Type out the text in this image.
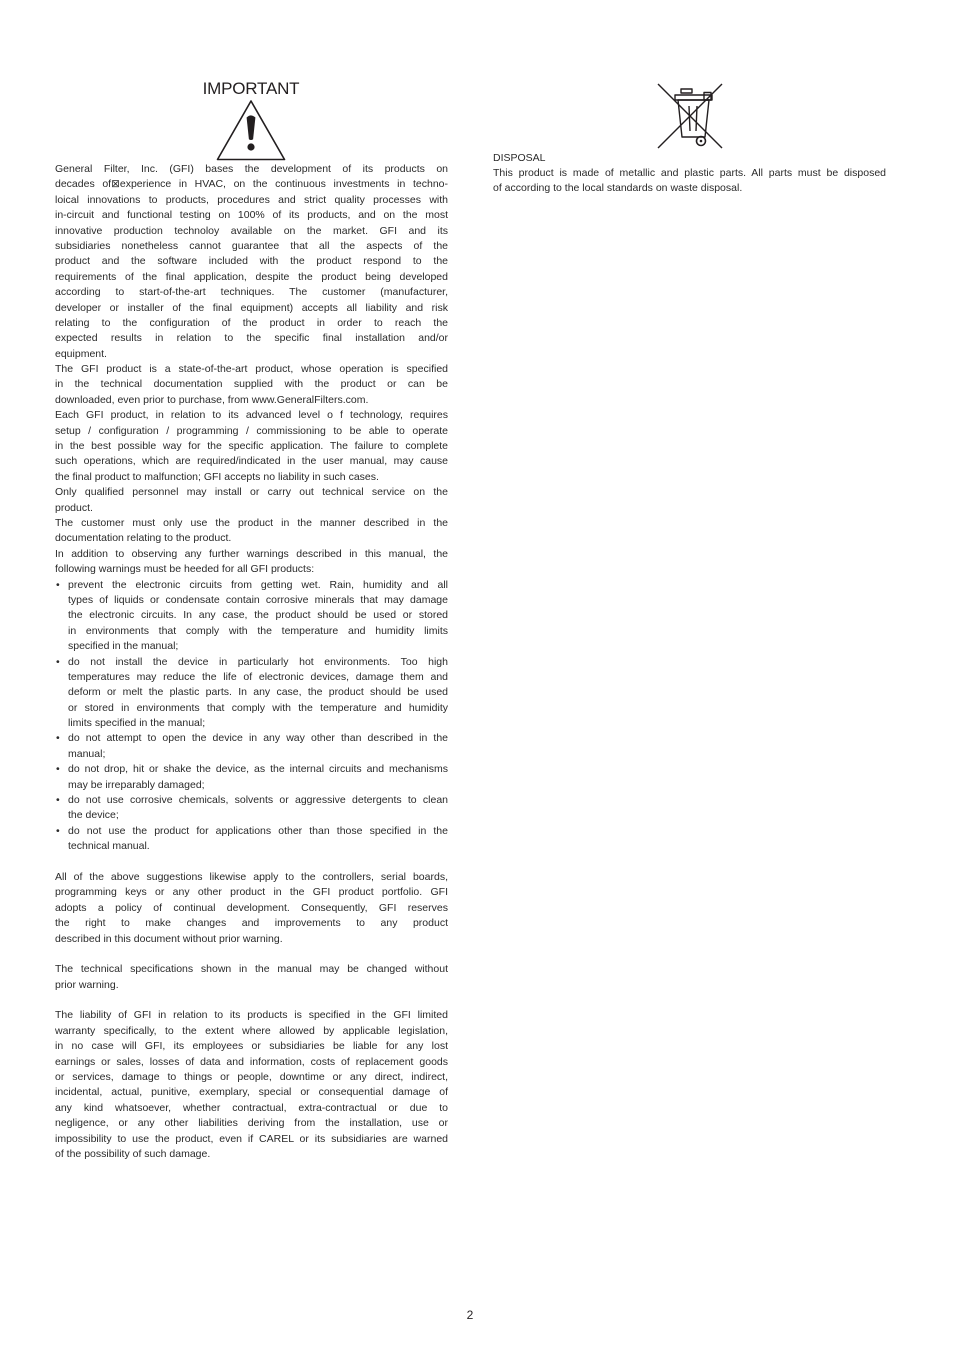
IMPORTANT
General Filter, Inc. (GFI) bases the development of its products on
decades of⊠experience in HVAC, on the continuous investments in techno-
loical innovations to products, procedures and strict quality processes with
in-circuit and functional testing on 100% of its products, and on the most
innovative production technoloy available on the market. GFI and its
subsidiaries nonetheless cannot guarantee that all the aspects of the
product and the software included with the product respond to the
requirements of the final application, despite the product being developed
according to start-of-the-art techniques. The customer (manufacturer,
developer or installer of the final equipment) accepts all liability and risk
relating to the configuration of the product in order to reach the
expected results in relation to the specific final installation and/or
equipment.
The GFI product is a state-of-the-art product, whose operation is specified
in the technical documentation supplied with the product or can be
downloaded, even prior to purchase, from www.GeneralFilters.com.
Each GFI product, in relation to its advanced level o f technology, requires
setup / configuration / programming / commissioning to be able to operate
in the best possible way for the specific application. The failure to complete
such operations, which are required/indicated in the user manual, may cause
the final product to malfunction; GFI accepts no liability in such cases.
Only qualified personnel may install or carry out technical service on the
product.
The customer must only use the product in the manner described in the
documentation relating to the product.
In addition to observing any further warnings described in this manual, the
following warnings must be heeded for all GFI products:
• prevent the electronic circuits from getting wet. Rain, humidity and all
types of liquids or condensate contain corrosive minerals that may damage
the electronic circuits. In any case, the product should be used or stored
in environments that comply with the temperature and humidity limits
specified in the manual;
• do not install the device in particularly hot environments. Too high
temperatures may reduce the life of electronic devices, damage them and
deform or melt the plastic parts. In any case, the product should be used
or stored in environments that comply with the temperature and humidity
limits specified in the manual;
• do not attempt to open the device in any way other than described in the
manual;
• do not drop, hit or shake the device, as the internal circuits and mechanisms
may be irreparably damaged;
• do not use corrosive chemicals, solvents or aggressive detergents to clean
the device;
• do not use the product for applications other than those specified in the
technical manual.
All of the above suggestions likewise apply to the controllers, serial boards,
programming keys or any other product in the GFI product portfolio. GFI
adopts a policy of continual development. Consequently, GFI reserves
the right to make changes and improvements to any product
described in this document without prior warning.
The technical specifications shown in the manual may be changed without
prior warning.
The liability of GFI in relation to its products is specified in the GFI limited
warranty specifically, to the extent where allowed by applicable legislation,
in no case will GFI, its employees or subsidiaries be liable for any lost
earnings or sales, losses of data and information, costs of replacement goods
or services, damage to things or people, downtime or any direct, indirect,
incidental, actual, punitive, exemplary, special or consequential damage of
any kind whatsoever, whether contractual, extra-contractual or due to
negligence, or any other liabilities deriving from the installation, use or
impossibility to use the product, even if CAREL or its subsidiaries are warned
of the possibility of such damage.
DISPOSAL
This product is made of metallic and plastic parts. All parts must be disposed
of according to the local standards on waste disposal.
2
